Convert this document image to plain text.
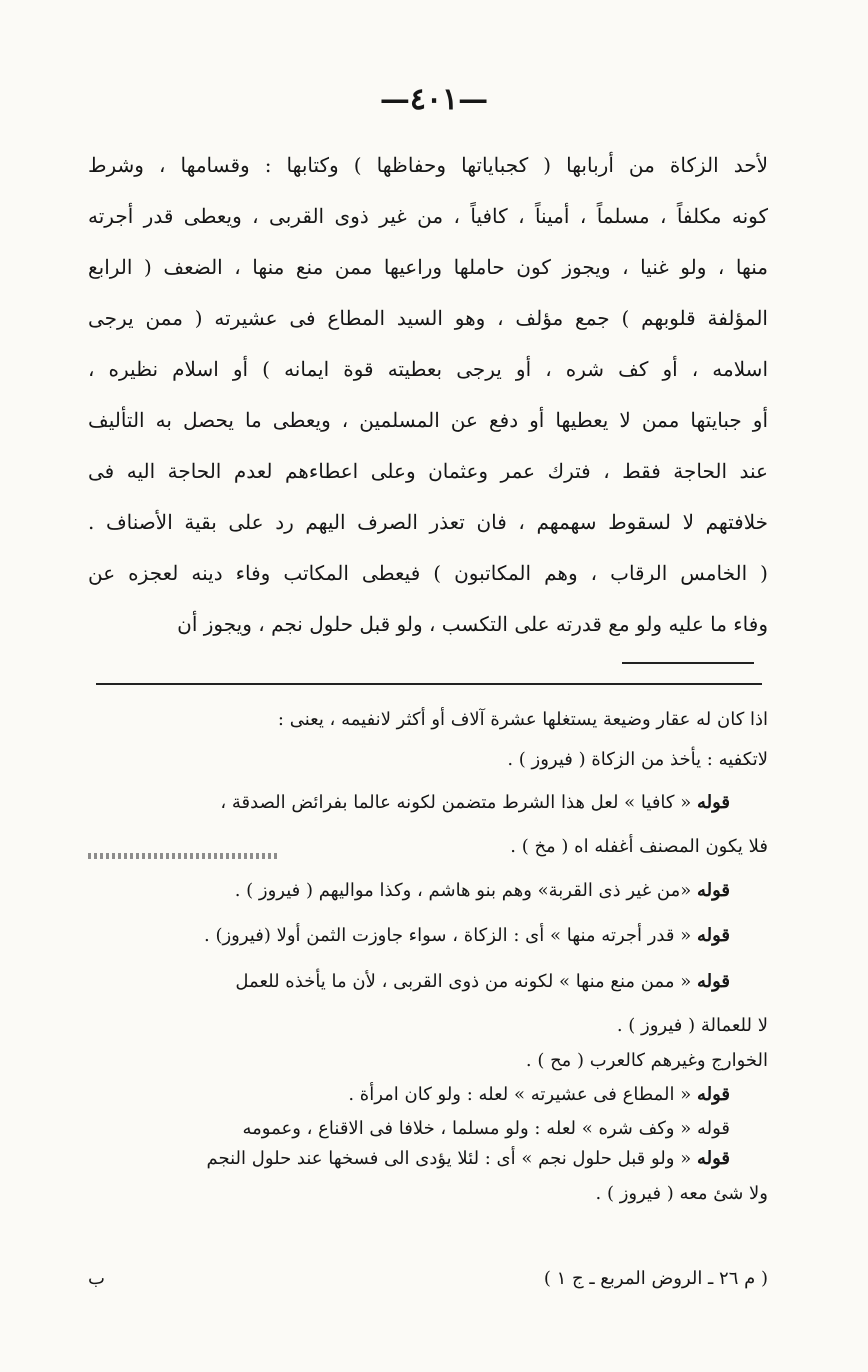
—٤٠١—
لأحد الزكاة من أربابها ( كجباياتها وحفاظها ) وكتابها : وقسامها ، وشرط
كونه مكلفاً ، مسلماً ، أميناً ، كافياً ، من غير ذوى القربى ، ويعطى قدر أجرته
منها ، ولو غنيا ، ويجوز كون حاملها وراعيها ممن منع منها ، الضعف ( الرابع
المؤلفة قلوبهم ) جمع مؤلف ، وهو السيد المطاع فى عشيرته ( ممن يرجى
اسلامه ، أو كف شره ، أو يرجى بعطيته قوة ايمانه ) أو اسلام نظيره ،
أو جبايتها ممن لا يعطيها أو دفع عن المسلمين ، ويعطى ما يحصل به التأليف
عند الحاجة فقط ، فترك عمر وعثمان وعلى اعطاءهم لعدم الحاجة اليه فى
خلافتهم لا لسقوط سهمهم ، فان تعذر الصرف اليهم رد على بقية الأصناف .
( الخامس الرقاب ، وهم المكاتبون ) فيعطى المكاتب وفاء دينه لعجزه عن
وفاء ما عليه ولو مع قدرته على التكسب ، ولو قبل حلول نجم ، ويجوز أن
اذا كان له عقار وضيعة يستغلها عشرة آلاف أو أكثر لانفيمه ، يعنى :
لاتكفيه : يأخذ من الزكاة ( فيروز ) .
قوله « كافيا » لعل هذا الشرط متضمن لكونه عالما بفرائض الصدقة ،
فلا يكون المصنف أغفله اه ( مخ ) .
قوله «من غير ذى القربة» وهم بنو هاشم ، وكذا مواليهم ( فيروز ) .
قوله « قدر أجرته منها » أى : الزكاة ، سواء جاوزت الثمن أولا (فيروز) .
قوله « ممن منع منها » لكونه من ذوى القربى ، لأن ما يأخذه للعمل
لا للعمالة ( فيروز ) .
الخوارج وغيرهم كالعرب ( مح ) .
قوله « المطاع فى عشيرته » لعله : ولو كان امرأة .
قوله « وكف شره » لعله : ولو مسلما ، خلافا فى الاقناع ، وعمومه
قوله « ولو قبل حلول نجم » أى : لئلا يؤدى الى فسخها عند حلول النجم
ولا شئ معه ( فيروز ) .
( م ٢٦ ـ الروض المربع ـ ج ١ )
ب
